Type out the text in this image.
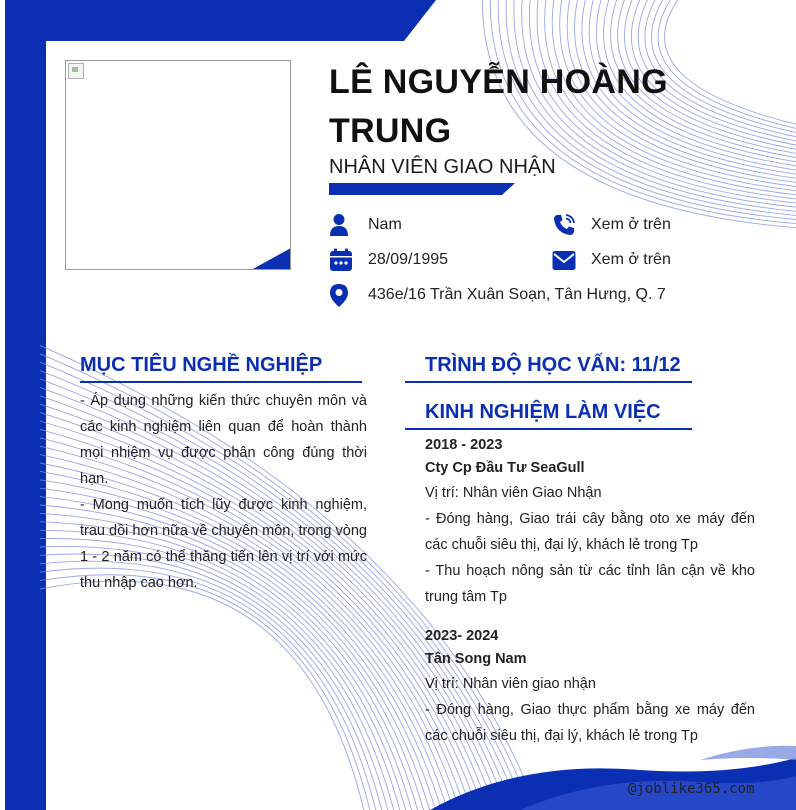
LÊ NGUYỄN HOÀNG TRUNG
NHÂN VIÊN GIAO NHẬN
Nam	Xem ở trên
28/09/1995	Xem ở trên
436e/16 Trần Xuân Soạn, Tân Hưng, Q. 7
MỤC TIÊU NGHỀ NGHIỆP

- Áp dụng những kiến thức chuyên môn và các kinh nghiệm liên quan để hoàn thành mọi nhiệm vụ được phân công đúng thời hạn.

- Mong muốn tích lũy được kinh nghiệm, trau dồi hơn nữa về chuyên môn, trong vòng 1 - 2 năm có thể thăng tiến lên vị trí với mức thu nhập cao hơn.

TRÌNH ĐỘ HỌC VẤN: 11/12
KINH NGHIỆM LÀM VIỆC
2018 - 2023
Cty Cp Đầu Tư SeaGull
Vị trí: Nhân viên Giao Nhận
- Đóng hàng, Giao trái cây bằng oto xe máy đến các chuỗi siêu thị, đại lý, khách lẻ trong Tp
- Thu hoạch nông sản từ các tỉnh lân cận về kho trung tâm Tp
2023- 2024
Tân Song Nam
Vị trí: Nhân viên giao nhận
- Đóng hàng, Giao thực phẩm bằng xe máy đến các chuỗi siêu thị, đại lý, khách lẻ trong Tp
@joblike365.com
